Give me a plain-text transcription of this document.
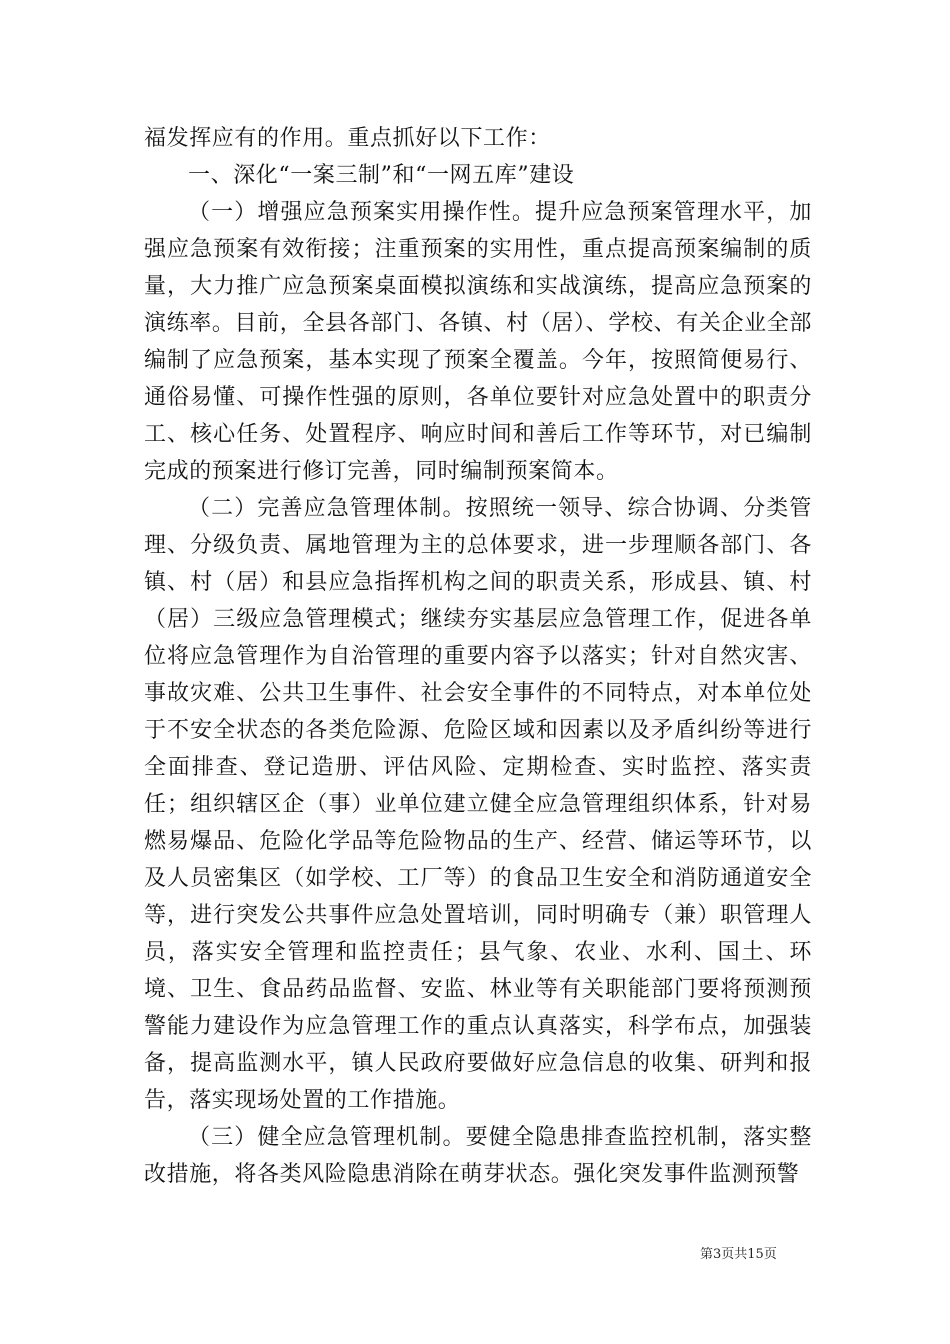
福发挥应有的作用。重点抓好以下工作：

一、深化“一案三制”和“一网五库”建设

（一）增强应急预案实用操作性。提升应急预案管理水平，加强应急预案有效衔接；注重预案的实用性，重点提高预案编制的质量，大力推广应急预案桌面模拟演练和实战演练，提高应急预案的演练率。目前，全县各部门、各镇、村（居）、学校、有关企业全部编制了应急预案，基本实现了预案全覆盖。今年，按照简便易行、通俗易懂、可操作性强的原则，各单位要针对应急处置中的职责分工、核心任务、处置程序、响应时间和善后工作等环节，对已编制完成的预案进行修订完善，同时编制预案简本。

（二）完善应急管理体制。按照统一领导、综合协调、分类管理、分级负责、属地管理为主的总体要求，进一步理顺各部门、各镇、村（居）和县应急指挥机构之间的职责关系，形成县、镇、村（居）三级应急管理模式；继续夯实基层应急管理工作，促进各单位将应急管理作为自治管理的重要内容予以落实；针对自然灾害、事故灾难、公共卫生事件、社会安全事件的不同特点，对本单位处于不安全状态的各类危险源、危险区域和因素以及矛盾纠纷等进行全面排查、登记造册、评估风险、定期检查、实时监控、落实责任；组织辖区企（事）业单位建立健全应急管理组织体系，针对易燃易爆品、危险化学品等危险物品的生产、经营、储运等环节，以及人员密集区（如学校、工厂等）的食品卫生安全和消防通道安全等，进行突发公共事件应急处置培训，同时明确专（兼）职管理人员，落实安全管理和监控责任；县气象、农业、水利、国土、环境、卫生、食品药品监督、安监、林业等有关职能部门要将预测预警能力建设作为应急管理工作的重点认真落实，科学布点，加强装备，提高监测水平，镇人民政府要做好应急信息的收集、研判和报告，落实现场处置的工作措施。

（三）健全应急管理机制。要健全隐患排查监控机制，落实整改措施，将各类风险隐患消除在萌芽状态。强化突发事件监测预警

第3页共15页
